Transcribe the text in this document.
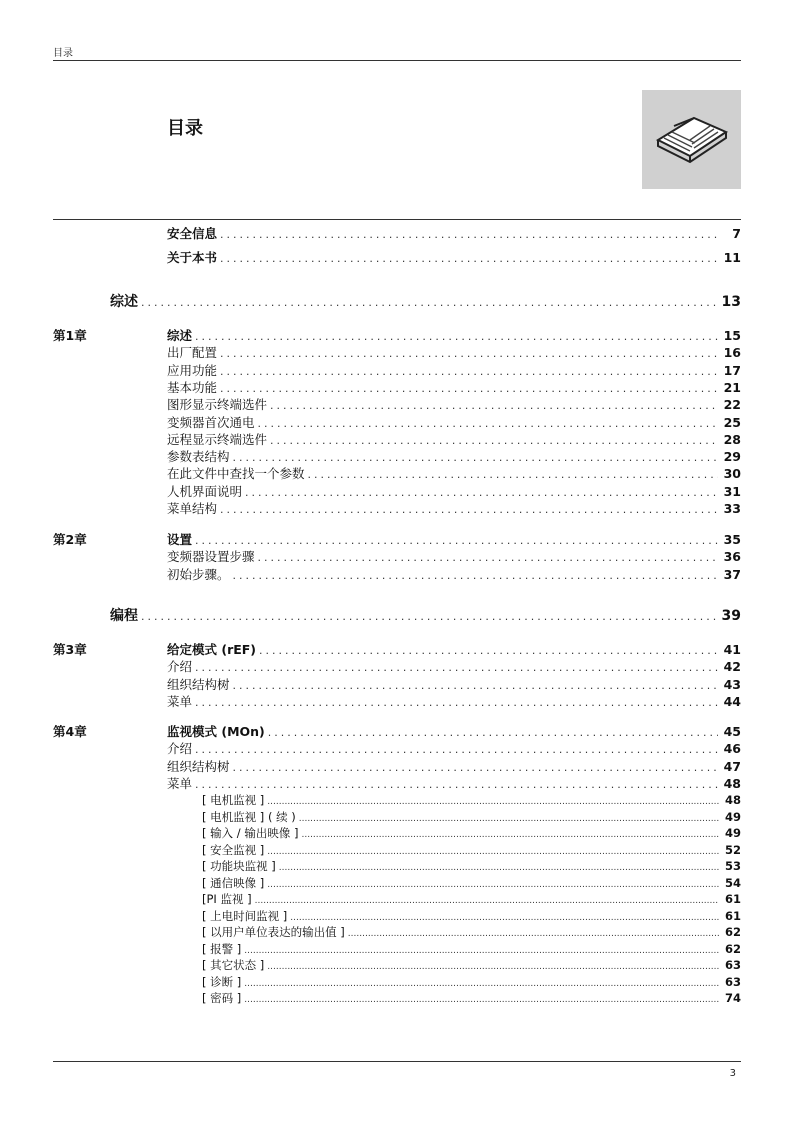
目录
目录
安全信息 .....	7
关于本书 .....	11
综述 .....	13
第1章	综述 .....	15
出厂配置 .....	16
应用功能 .....	17
基本功能 .....	21
图形显示终端选件 .....	22
变频器首次通电 .....	25
远程显示终端选件 .....	28
参数表结构 .....	29
在此文件中查找一个参数 .....	30
人机界面说明 .....	31
菜单结构 .....	33
第2章	设置 .....	35
变频器设置步骤 .....	36
初始步骤。 .....	37
编程 .....	39
第3章	给定模式 (rEF) .....	41
介绍 .....	42
组织结构树 .....	43
菜单 .....	44
第4章	监视模式 (MOn) .....	45
介绍 .....	46
组织结构树 .....	47
菜单 .....	48
[ 电机监视 ] .....	48
[ 电机监视 ] ( 续 ) .....	49
[ 输入 / 输出映像 ] .....	49
[ 安全监视 ] .....	52
[ 功能块监视 ] .....	53
[ 通信映像 ] .....	54
[PI 监视 ] .....	61
[ 上电时间监视 ] .....	61
[ 以用户单位表达的输出值 ] .....	62
[ 报警 ] .....	62
[ 其它状态 ] .....	63
[ 诊断 ] .....	63
[ 密码 ] .....	74
3
